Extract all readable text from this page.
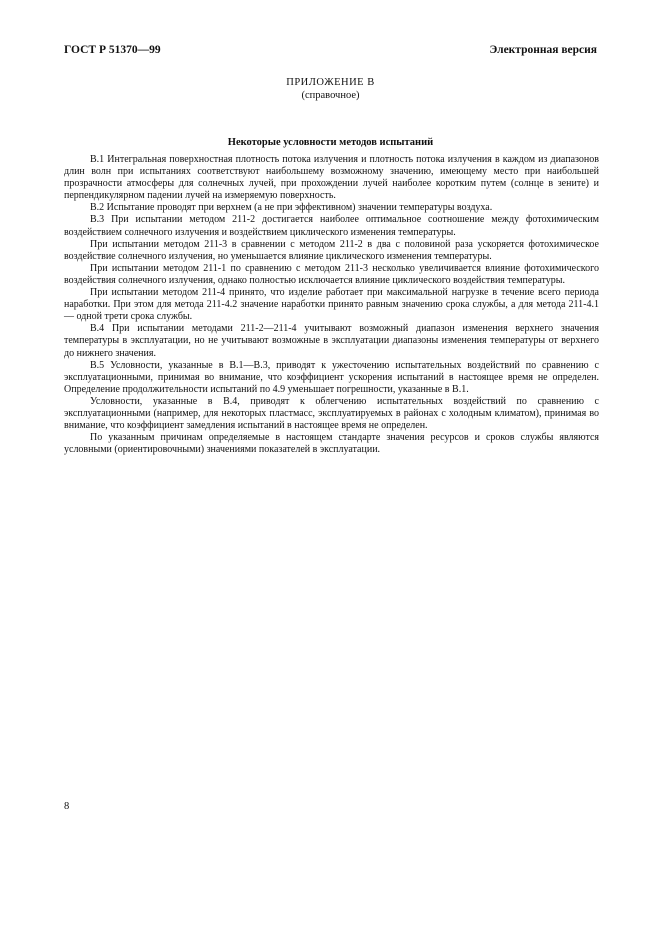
ГОСТ Р 51370—99	Электронная версия
ПРИЛОЖЕНИЕ В
(справочное)
Некоторые условности методов испытаний

В.1 Интегральная поверхностная плотность потока излучения и плотность потока излучения в каждом из диапазонов длин волн при испытаниях соответствуют наибольшему возможному значению, имеющему место при наибольшей прозрачности атмосферы для солнечных лучей, при прохождении лучей наиболее коротким путем (солнце в зените) и перпендикулярном падении лучей на измеряемую поверхность.

В.2 Испытание проводят при верхнем (а не при эффективном) значении температуры воздуха.

В.3 При испытании методом 211-2 достигается наиболее оптимальное соотношение между фотохимическим воздействием солнечного излучения и воздействием циклического изменения температуры.

При испытании методом 211-3 в сравнении с методом 211-2 в два с половиной раза ускоряется фотохимическое воздействие солнечного излучения, но уменьшается влияние циклического изменения температуры.

При испытании методом 211-1 по сравнению с методом 211-3 несколько увеличивается влияние фотохимического воздействия солнечного излучения, однако полностью исключается влияние циклического воздействия температуры.

При испытании методом 211-4 принято, что изделие работает при максимальной нагрузке в течение всего периода наработки. При этом для метода 211-4.2 значение наработки принято равным значению срока службы, а для метода 211-4.1 — одной трети срока службы.

В.4 При испытании методами 211-2—211-4 учитывают возможный диапазон изменения верхнего значения температуры в эксплуатации, но не учитывают возможные в эксплуатации диапазоны изменения температуры от верхнего до нижнего значения.

В.5 Условности, указанные в В.1—В.3, приводят к ужесточению испытательных воздействий по сравнению с эксплуатационными, принимая во внимание, что коэффициент ускорения испытаний в настоящее время не определен. Определение продолжительности испытаний по 4.9 уменьшает погрешности, указанные в В.1.

Условности, указанные в В.4, приводят к облегчению испытательных воздействий по сравнению с эксплуатационными (например, для некоторых пластмасс, эксплуатируемых в районах с холодным климатом), принимая во внимание, что коэффициент замедления испытаний в настоящее время не определен.

По указанным причинам определяемые в настоящем стандарте значения ресурсов и сроков службы являются условными (ориентировочными) значениями показателей в эксплуатации.

8
